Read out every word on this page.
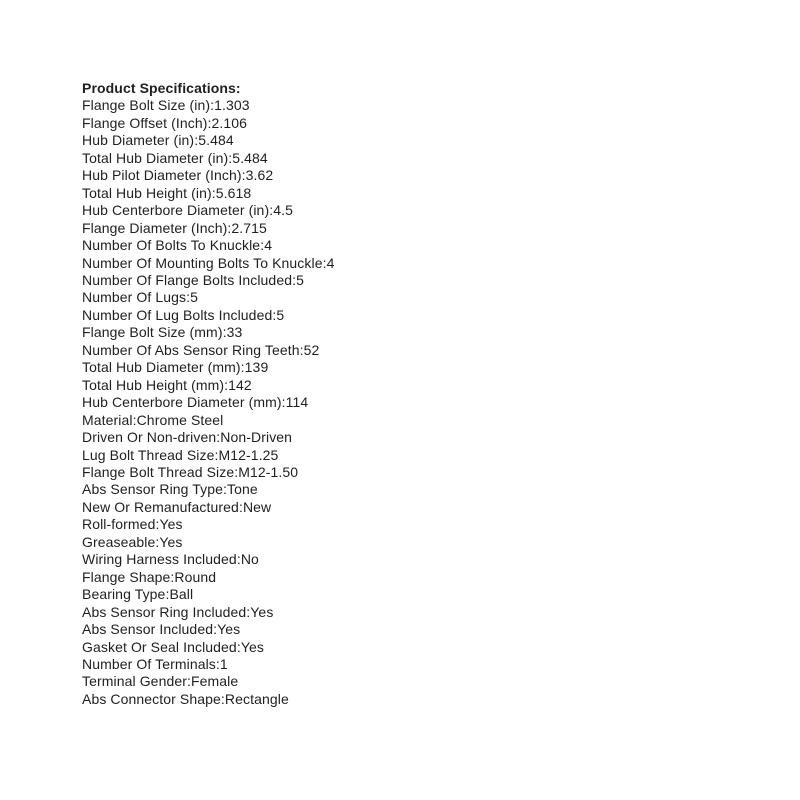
Product Specifications:
Flange Bolt Size (in):1.303
Flange Offset (Inch):2.106
Hub Diameter (in):5.484
Total Hub Diameter (in):5.484
Hub Pilot Diameter (Inch):3.62
Total Hub Height (in):5.618
Hub Centerbore Diameter (in):4.5
Flange Diameter (Inch):2.715
Number Of Bolts To Knuckle:4
Number Of Mounting Bolts To Knuckle:4
Number Of Flange Bolts Included:5
Number Of Lugs:5
Number Of Lug Bolts Included:5
Flange Bolt Size (mm):33
Number Of Abs Sensor Ring Teeth:52
Total Hub Diameter (mm):139
Total Hub Height (mm):142
Hub Centerbore Diameter (mm):114
Material:Chrome Steel
Driven Or Non-driven:Non-Driven
Lug Bolt Thread Size:M12-1.25
Flange Bolt Thread Size:M12-1.50
Abs Sensor Ring Type:Tone
New Or Remanufactured:New
Roll-formed:Yes
Greaseable:Yes
Wiring Harness Included:No
Flange Shape:Round
Bearing Type:Ball
Abs Sensor Ring Included:Yes
Abs Sensor Included:Yes
Gasket Or Seal Included:Yes
Number Of Terminals:1
Terminal Gender:Female
Abs Connector Shape:Rectangle
